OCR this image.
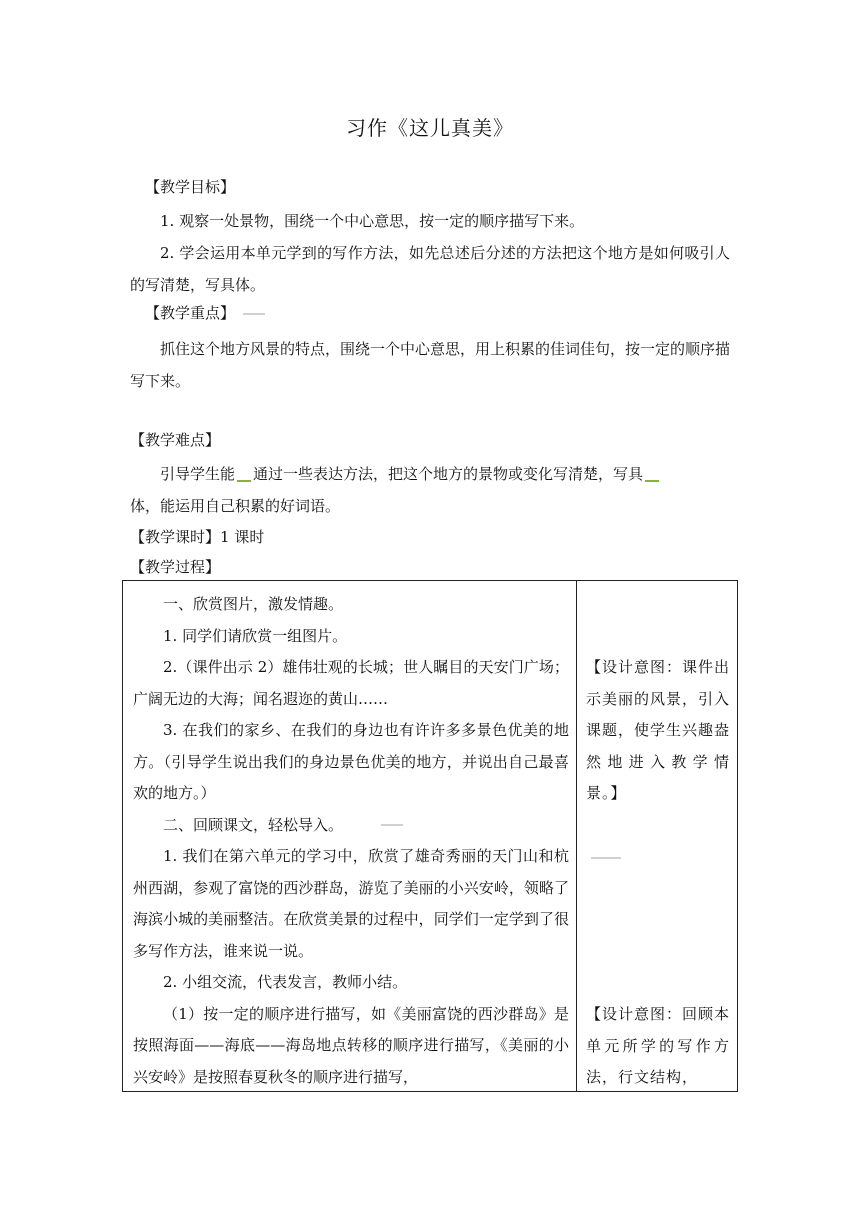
习作《这儿真美》
【教学目标】
1. 观察一处景物，围绕一个中心意思，按一定的顺序描写下来。
2. 学会运用本单元学到的写作方法，如先总述后分述的方法把这个地方是如何吸引人的写清楚，写具体。
【教学重点】
抓住这个地方风景的特点，围绕一个中心意思，用上积累的佳词佳句，按一定的顺序描写下来。
【教学难点】
引导学生能 通过一些表达方法，把这个地方的景物或变化写清楚，写具
体，能运用自己积累的好词语。
【教学课时】1 课时
【教学过程】

一、欣赏图片，激发情趣。

1. 同学们请欣赏一组图片。

2.（课件出示 2）雄伟壮观的长城；世人瞩目的天安门广场；广阔无边的大海；闻名遐迩的黄山……

3. 在我们的家乡、在我们的身边也有许许多多景色优美的地方。（引导学生说出我们的身边景色优美的地方，并说出自己最喜欢的地方。）

二、回顾课文，轻松导入。

1. 我们在第六单元的学习中，欣赏了雄奇秀丽的天门山和杭州西湖，参观了富饶的西沙群岛，游览了美丽的小兴安岭，领略了海滨小城的美丽整洁。在欣赏美景的过程中，同学们一定学到了很多写作方法，谁来说一说。

2. 小组交流，代表发言，教师小结。

（1）按一定的顺序进行描写，如《美丽富饶的西沙群岛》是按照海面——海底——海岛地点转移的顺序进行描写，《美丽的小兴安岭》是按照春夏秋冬的顺序进行描写，

【设计意图：课件出示美丽的风景，引入课题，使学生兴趣盎然地进入教学情景。】

【设计意图：回顾本单元所学的写作方法，行文结构，
